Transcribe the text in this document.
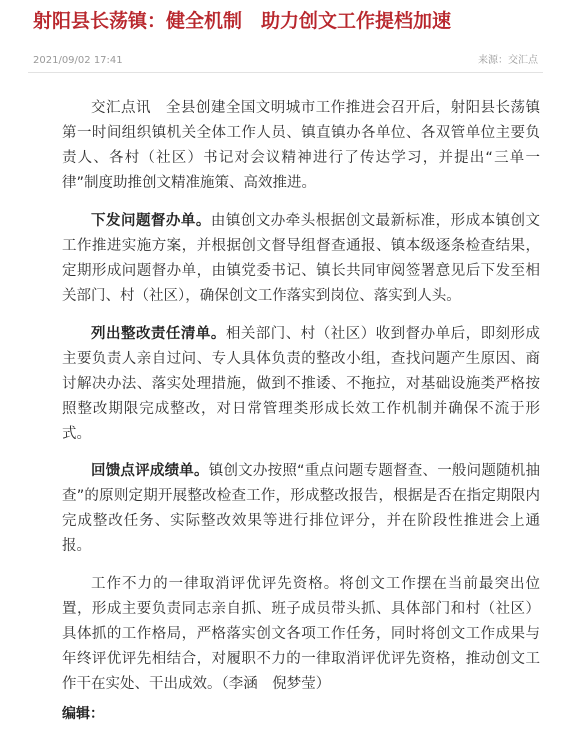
射阳县长荡镇：健全机制　助力创文工作提档加速
2021/09/02 17:41	来源：交汇点

交汇点讯　全县创建全国文明城市工作推进会召开后，射阳县长荡镇第一时间组织镇机关全体工作人员、镇直镇办各单位、各双管单位主要负责人、各村（社区）书记对会议精神进行了传达学习，并提出“三单一律”制度助推创文精准施策、高效推进。

下发问题督办单。由镇创文办牵头根据创文最新标准，形成本镇创文工作推进实施方案，并根据创文督导组督查通报、镇本级逐条检查结果，定期形成问题督办单，由镇党委书记、镇长共同审阅签署意见后下发至相关部门、村（社区），确保创文工作落实到岗位、落实到人头。

列出整改责任清单。相关部门、村（社区）收到督办单后，即刻形成主要负责人亲自过问、专人具体负责的整改小组，查找问题产生原因、商讨解决办法、落实处理措施，做到不推诿、不拖拉，对基础设施类严格按照整改期限完成整改，对日常管理类形成长效工作机制并确保不流于形式。

回馈点评成绩单。镇创文办按照“重点问题专题督查、一般问题随机抽查”的原则定期开展整改检查工作，形成整改报告，根据是否在指定期限内完成整改任务、实际整改效果等进行排位评分，并在阶段性推进会上通报。

工作不力的一律取消评优评先资格。将创文工作摆在当前最突出位置，形成主要负责同志亲自抓、班子成员带头抓、具体部门和村（社区）具体抓的工作格局，严格落实创文各项工作任务，同时将创文工作成果与年终评优评先相结合，对履职不力的一律取消评优评先资格，推动创文工作干在实处、干出成效。（李涵　倪梦莹）

编辑：
